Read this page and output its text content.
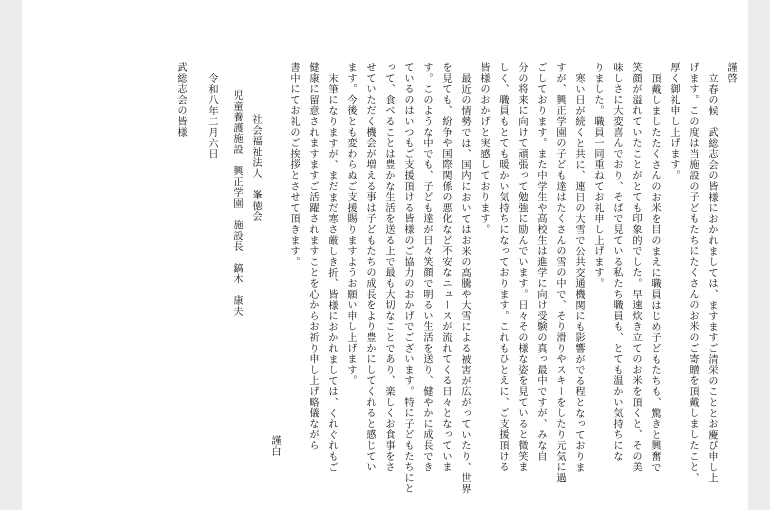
謹啓
立春の候　武総志会の皆様におかれましては、ますますご清栄のこととお慶び申し上
げます。この度は当施設の子どもたちにたくさんのお米のご寄贈を頂戴しましたこと、
厚く御礼申し上げます。
頂戴しましたたくさんのお米を目のまえに職員はじめ子どもたちも、驚きと興奮で
笑顔が溢れていたことがとても印象的でした。早速炊き立てのお米を頂くと、その美
味しさに大変喜んでおり、そばで見ている私たち職員も、とても温かい気持ちにな
りました。職員一同重ねてお礼申し上げます。
寒い日が続くと共に、連日の大雪で公共交通機関にも影響がでる程となっておりま
すが、興正学園の子ども達はたくさんの雪の中で、そり滑りやスキーをしたり元気に過
ごしております。また中学生や高校生は進学に向け受験の真っ最中ですが、みな自
分の将来に向けて頑張って勉強に励んでいます。日々その様な姿を見ていると微笑ま
しく、職員もとても暖かい気持ちになっております。これもひとえに、ご支援頂ける
皆様のおかげと実感しております。
最近の情勢では、国内においてはお米の高騰や大雪による被害が広がっていたり、世界
を見ても、紛争や国際関係の悪化など不安なニュースが流れてくる日々となっていま
す。このような中でも、子ども達が日々笑顔で明るい生活を送り、健やかに成長でき
ているのはいつもご支援頂ける皆様のご協力のおかげでございます。特に子どもたちにと
って、食べることは豊かな生活を送る上で最も大切なことであり、楽しくお食事をさ
せていただく機会が増える事は子どもたちの成長をより豊かにしてくれると感じてい
ます。今後とも変わらぬご支援賜りますようお願い申し上げます。
末筆になりますが、まだまだ寒さ厳しき折、皆様におかれましては、くれぐれもご
健康に留意されますますご活躍されますことを心からお祈り申し上げ略儀ながら
書中にてお礼のご挨拶とさせて頂きます。
謹白
社会福祉法人　峯徳会
児童養護施設　興正学園　施設長　鎬木　康夫
令和八年二月六日
武総志会の皆様
